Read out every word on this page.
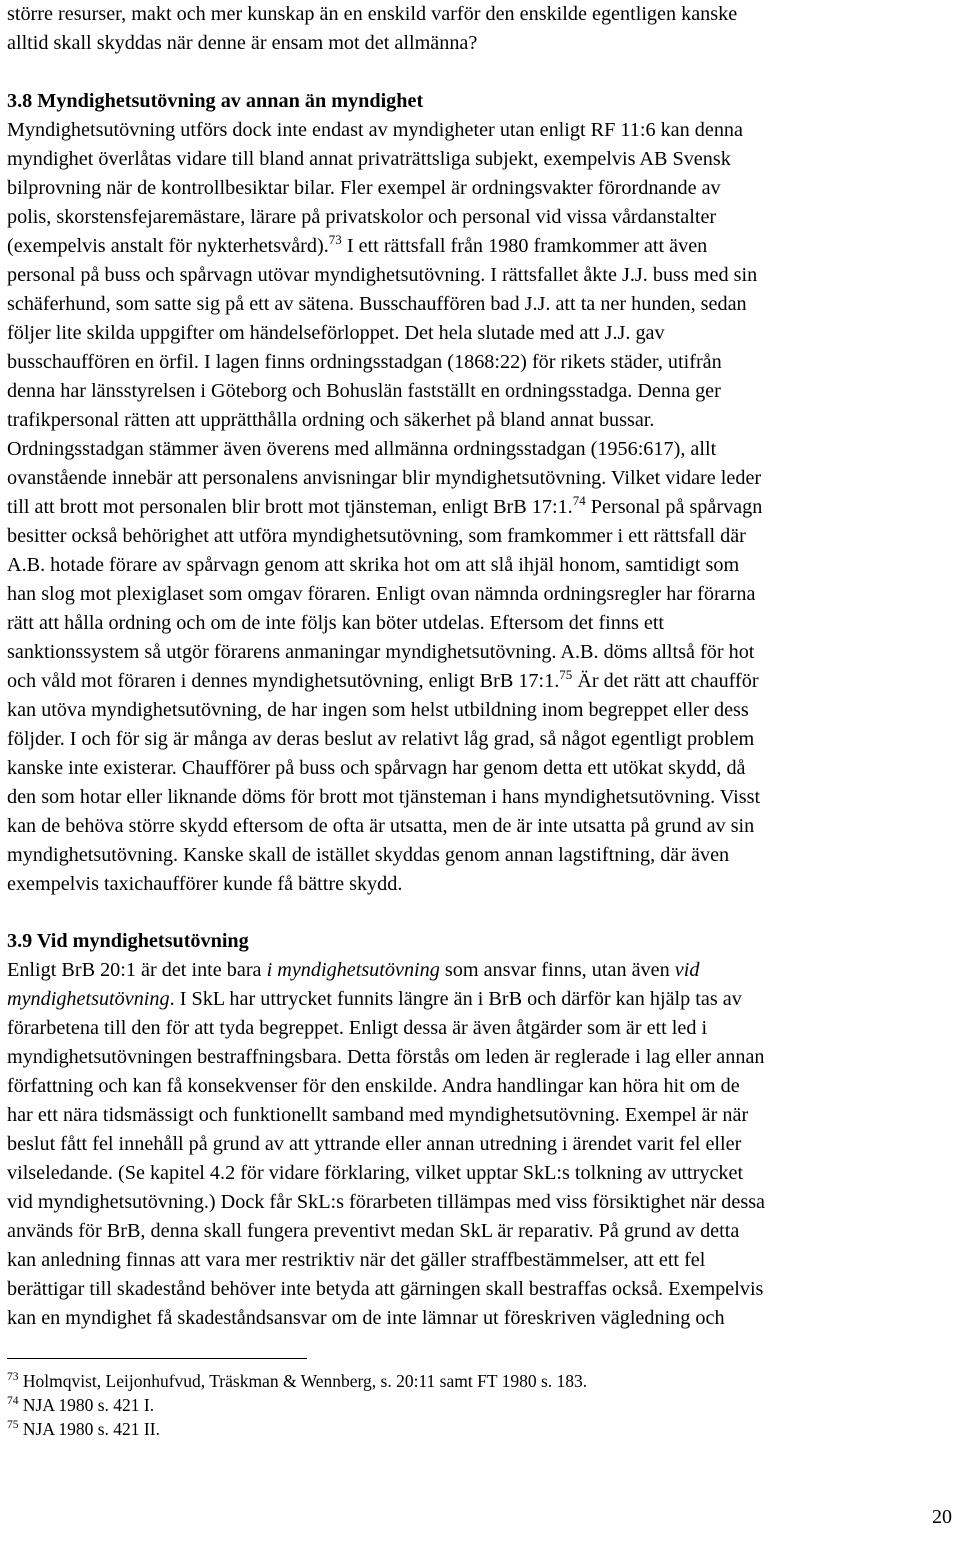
större resurser, makt och mer kunskap än en enskild varför den enskilde egentligen kanske
alltid skall skyddas när denne är ensam mot det allmänna?
3.8 Myndighetsutövning av annan än myndighet
Myndighetsutövning utförs dock inte endast av myndigheter utan enligt RF 11:6 kan denna
myndighet överlåtas vidare till bland annat privaträttsliga subjekt, exempelvis AB Svensk
bilprovning när de kontrollbesiktar bilar. Fler exempel är ordningsvakter förordnande av
polis, skorstensfejaremästare, lärare på privatskolor och personal vid vissa vårdanstalter
(exempelvis anstalt för nykterhetsvård).$^{73}$ I ett rättsfall från 1980 framkommer att även
personal på buss och spårvagn utövar myndighetsutövning. I rättsfallet åkte J.J. buss med sin
schäferhund, som satte sig på ett av sätena. Busschauffören bad J.J. att ta ner hunden, sedan
följer lite skilda uppgifter om händelseförloppet. Det hela slutade med att J.J. gav
busschauffören en örfil. I lagen finns ordningsstadgan (1868:22) för rikets städer, utifrån
denna har länsstyrelsen i Göteborg och Bohuslän fastställt en ordningsstadga. Denna ger
trafikpersonal rätten att upprätthålla ordning och säkerhet på bland annat bussar.
Ordningsstadgan stämmer även överens med allmänna ordningsstadgan (1956:617), allt
ovanstående innebär att personalens anvisningar blir myndighetsutövning. Vilket vidare leder
till att brott mot personalen blir brott mot tjänsteman, enligt BrB 17:1.74 Personal på spårvagn
besitter också behörighet att utföra myndighetsutövning, som framkommer i ett rättsfall där
A.B. hotade förare av spårvagn genom att skrika hot om att slå ihjäl honom, samtidigt som
han slog mot plexiglaset som omgav föraren. Enligt ovan nämnda ordningsregler har förarna
rätt att hålla ordning och om de inte följs kan böter utdelas. Eftersom det finns ett
sanktionssystem så utgör förarens anmaningar myndighetsutövning. A.B. döms alltså för hot
och våld mot föraren i dennes myndighetsutövning, enligt BrB 17:1.75 Är det rätt att chaufför
kan utöva myndighetsutövning, de har ingen som helst utbildning inom begreppet eller dess
följder. I och för sig är många av deras beslut av relativt låg grad, så något egentligt problem
kanske inte existerar. Chaufförer på buss och spårvagn har genom detta ett utökat skydd, då
den som hotar eller liknande döms för brott mot tjänsteman i hans myndighetsutövning. Visst
kan de behöva större skydd eftersom de ofta är utsatta, men de är inte utsatta på grund av sin
myndighetsutövning. Kanske skall de istället skyddas genom annan lagstiftning, där även
exempelvis taxichaufförer kunde få bättre skydd.
3.9 Vid myndighetsutövning
Enligt BrB 20:1 är det inte bara i myndighetsutövning som ansvar finns, utan även vid
myndighetsutövning. I SkL har uttrycket funnits längre än i BrB och därför kan hjälp tas av
förarbetena till den för att tyda begreppet. Enligt dessa är även åtgärder som är ett led i
myndighetsutövningen bestraffningsbara. Detta förstås om leden är reglerade i lag eller annan
författning och kan få konsekvenser för den enskilde. Andra handlingar kan höra hit om de
har ett nära tidsmässigt och funktionellt samband med myndighetsutövning. Exempel är när
beslut fått fel innehåll på grund av att yttrande eller annan utredning i ärendet varit fel eller
vilseledande. (Se kapitel 4.2 för vidare förklaring, vilket upptar SkL:s tolkning av uttrycket
vid myndighetsutövning.) Dock får SkL:s förarbeten tillämpas med viss försiktighet när dessa
används för BrB, denna skall fungera preventivt medan SkL är reparativ. På grund av detta
kan anledning finnas att vara mer restriktiv när det gäller straffbestämmelser, att ett fel
berättigar till skadestånd behöver inte betyda att gärningen skall bestraffas också. Exempelvis
kan en myndighet få skadeståndsansvar om de inte lämnar ut föreskriven vägledning och
$^{73}$ Holmqvist, Leijonhufvud, Träskman & Wennberg, s. 20:11 samt FT 1980 s. 183.
$^{74}$ NJA 1980 s. 421 I.
$^{75}$ NJA 1980 s. 421 II.
20
